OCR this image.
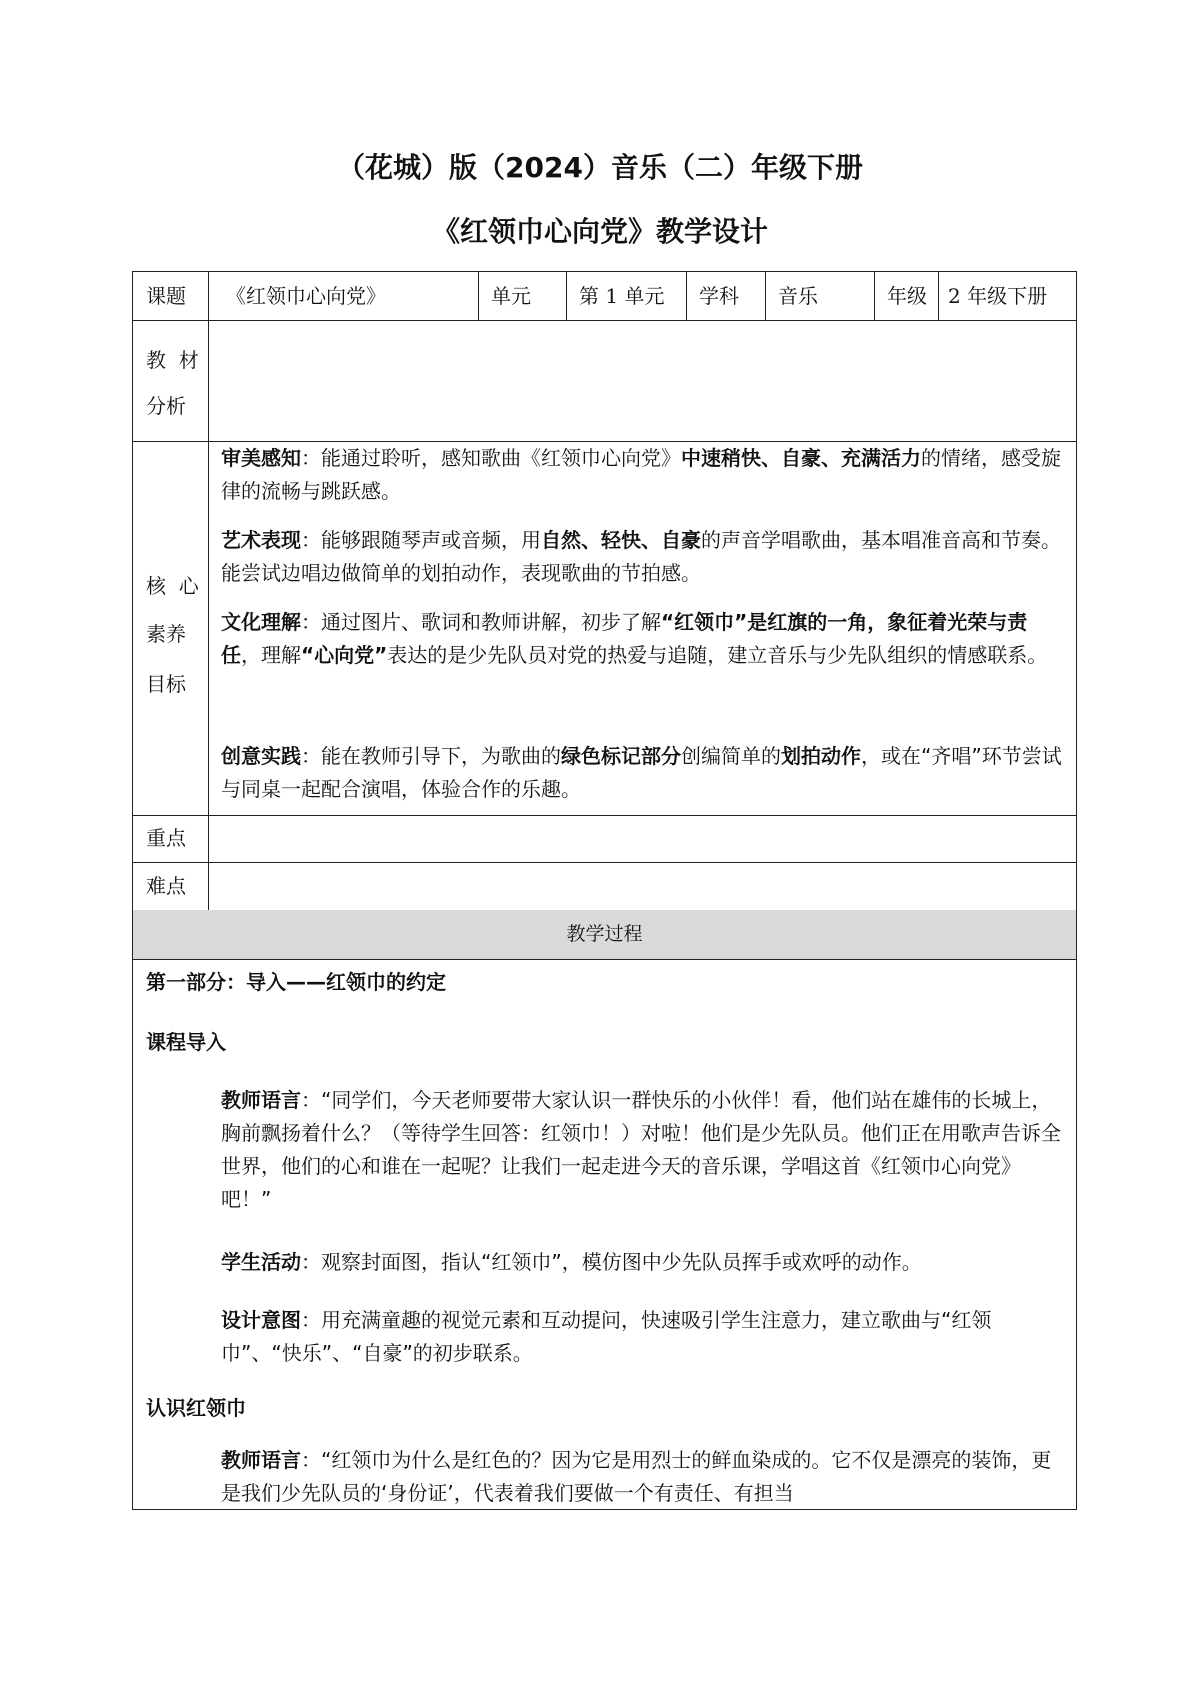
（花城）版（2024）音乐（二）年级下册
《红领巾心向党》教学设计
课题 《红领巾心向党》	单元 第 1 单元 学科 音乐	年级 2 年级下册
教  材
分析
核  心
素养
目标

审美感知：能通过聆听，感知歌曲《红领巾心向党》中速稍快、自豪、充满活力的情绪，感受旋律的流畅与跳跃感。

艺术表现：能够跟随琴声或音频，用自然、轻快、自豪的声音学唱歌曲，基本唱准音高和节奏。能尝试边唱边做简单的划拍动作，表现歌曲的节拍感。

文化理解：通过图片、歌词和教师讲解，初步了解“红领巾”是红旗的一角，象征着光荣与责任，理解“心向党”表达的是少先队员对党的热爱与追随，建立音乐与少先队组织的情感联系。

创意实践：能在教师引导下，为歌曲的绿色标记部分创编简单的划拍动作，或在“齐唱”环节尝试与同桌一起配合演唱，体验合作的乐趣。

重点
难点
教学过程
第一部分：导入——红领巾的约定
课程导入

教师语言：“同学们，今天老师要带大家认识一群快乐的小伙伴！看，他们站在雄伟的长城上，胸前飘扬着什么？（等待学生回答：红领巾！）对啦！他们是少先队员。他们正在用歌声告诉全世界，他们的心和谁在一起呢？让我们一起走进今天的音乐课，学唱这首《红领巾心向党》吧！”

学生活动：观察封面图，指认“红领巾”，模仿图中少先队员挥手或欢呼的动作。

设计意图：用充满童趣的视觉元素和互动提问，快速吸引学生注意力，建立歌曲与“红领巾”、“快乐”、“自豪”的初步联系。

认识红领巾

教师语言：“红领巾为什么是红色的？因为它是用烈士的鲜血染成的。它不仅是漂亮的装饰，更是我们少先队员的‘身份证’，代表着我们要做一个有责任、有担当
